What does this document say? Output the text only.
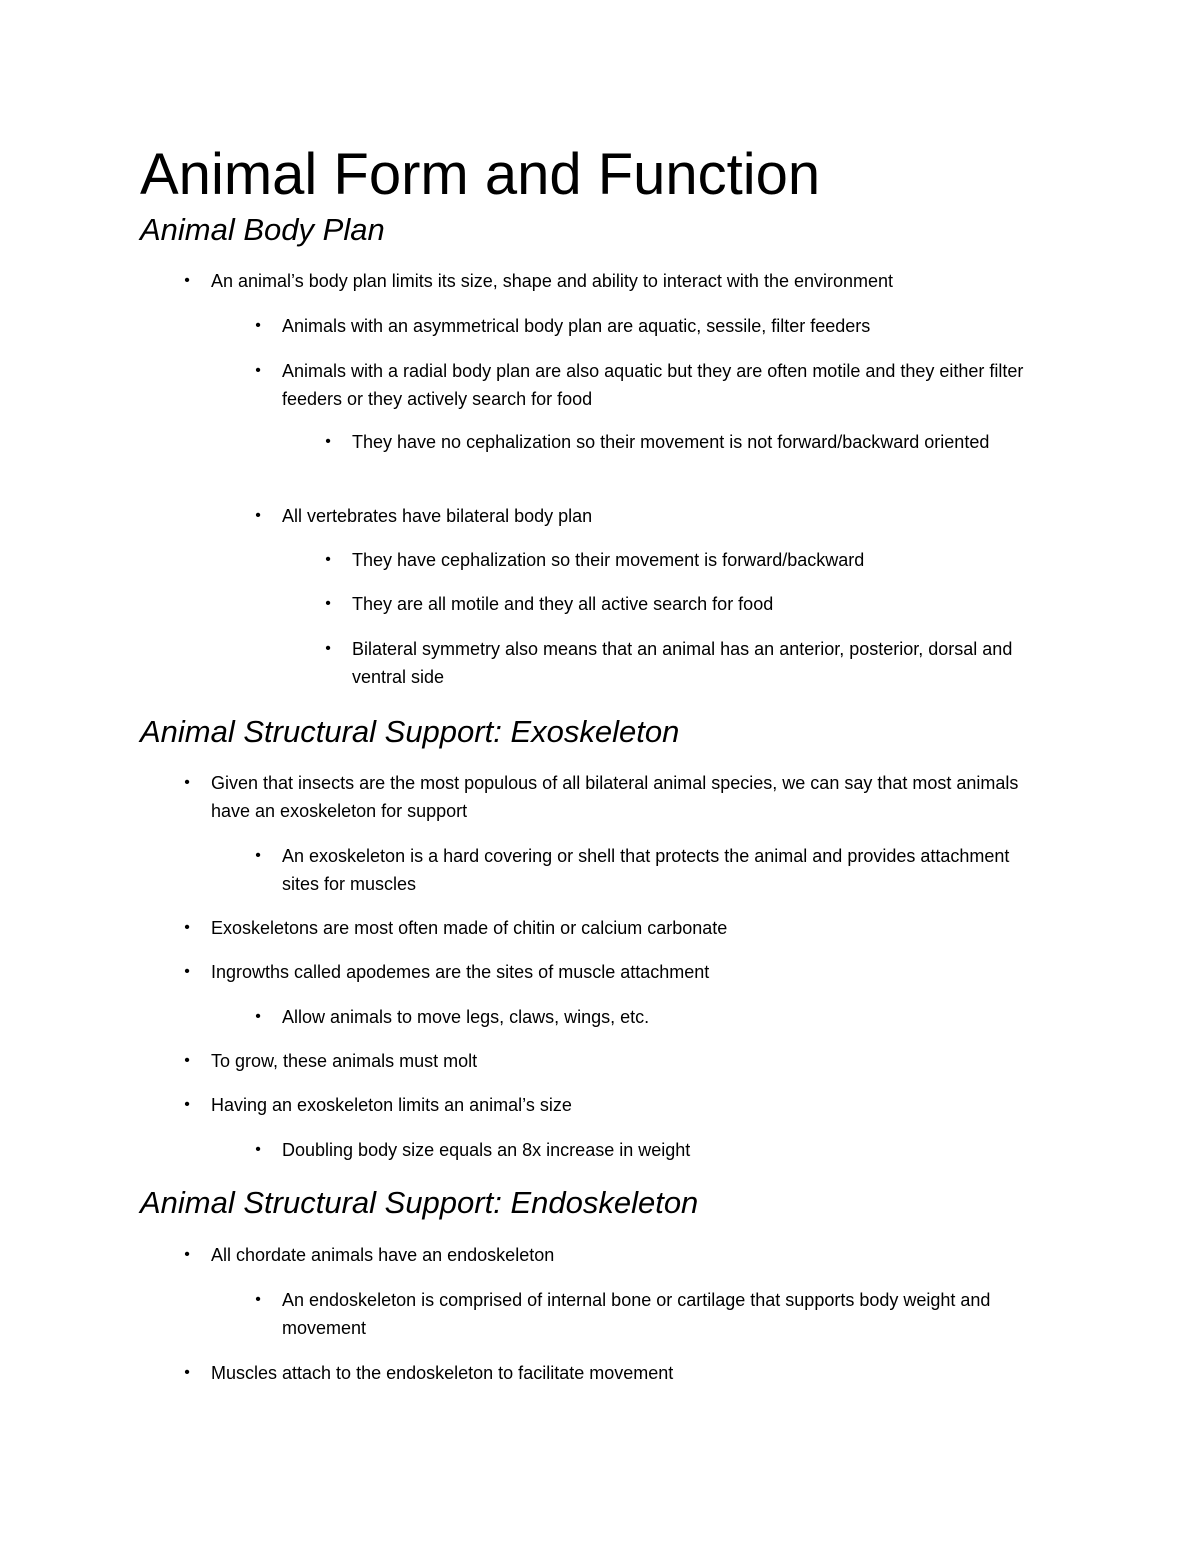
Animal Form and Function
Animal Body Plan
•	An animal’s body plan limits its size, shape and ability to interact with the environment
•	Animals with an asymmetrical body plan are aquatic, sessile, filter feeders
•	Animals with a radial body plan are also aquatic but they are often motile and they either filter feeders or they actively search for food
•	They have no cephalization so their movement is not forward/backward oriented
•	All vertebrates have bilateral body plan
•	They have cephalization so their movement is forward/backward
•	They are all motile and they all active search for food
•	Bilateral symmetry also means that an animal has an anterior, posterior, dorsal and ventral side
Animal Structural Support: Exoskeleton
•	Given that insects are the most populous of all bilateral animal species, we can say that most animals have an exoskeleton for support
•	An exoskeleton is a hard covering or shell that protects the animal and provides attachment sites for muscles
•	Exoskeletons are most often made of chitin or calcium carbonate
•	Ingrowths called apodemes are the sites of muscle attachment
•	Allow animals to move legs, claws, wings, etc.
•	To grow, these animals must molt
•	Having an exoskeleton limits an animal’s size
•	Doubling body size equals an 8x increase in weight
Animal Structural Support: Endoskeleton
•	All chordate animals have an endoskeleton
•	An endoskeleton is comprised of internal bone or cartilage that supports body weight and movement
•	Muscles attach to the endoskeleton to facilitate movement
